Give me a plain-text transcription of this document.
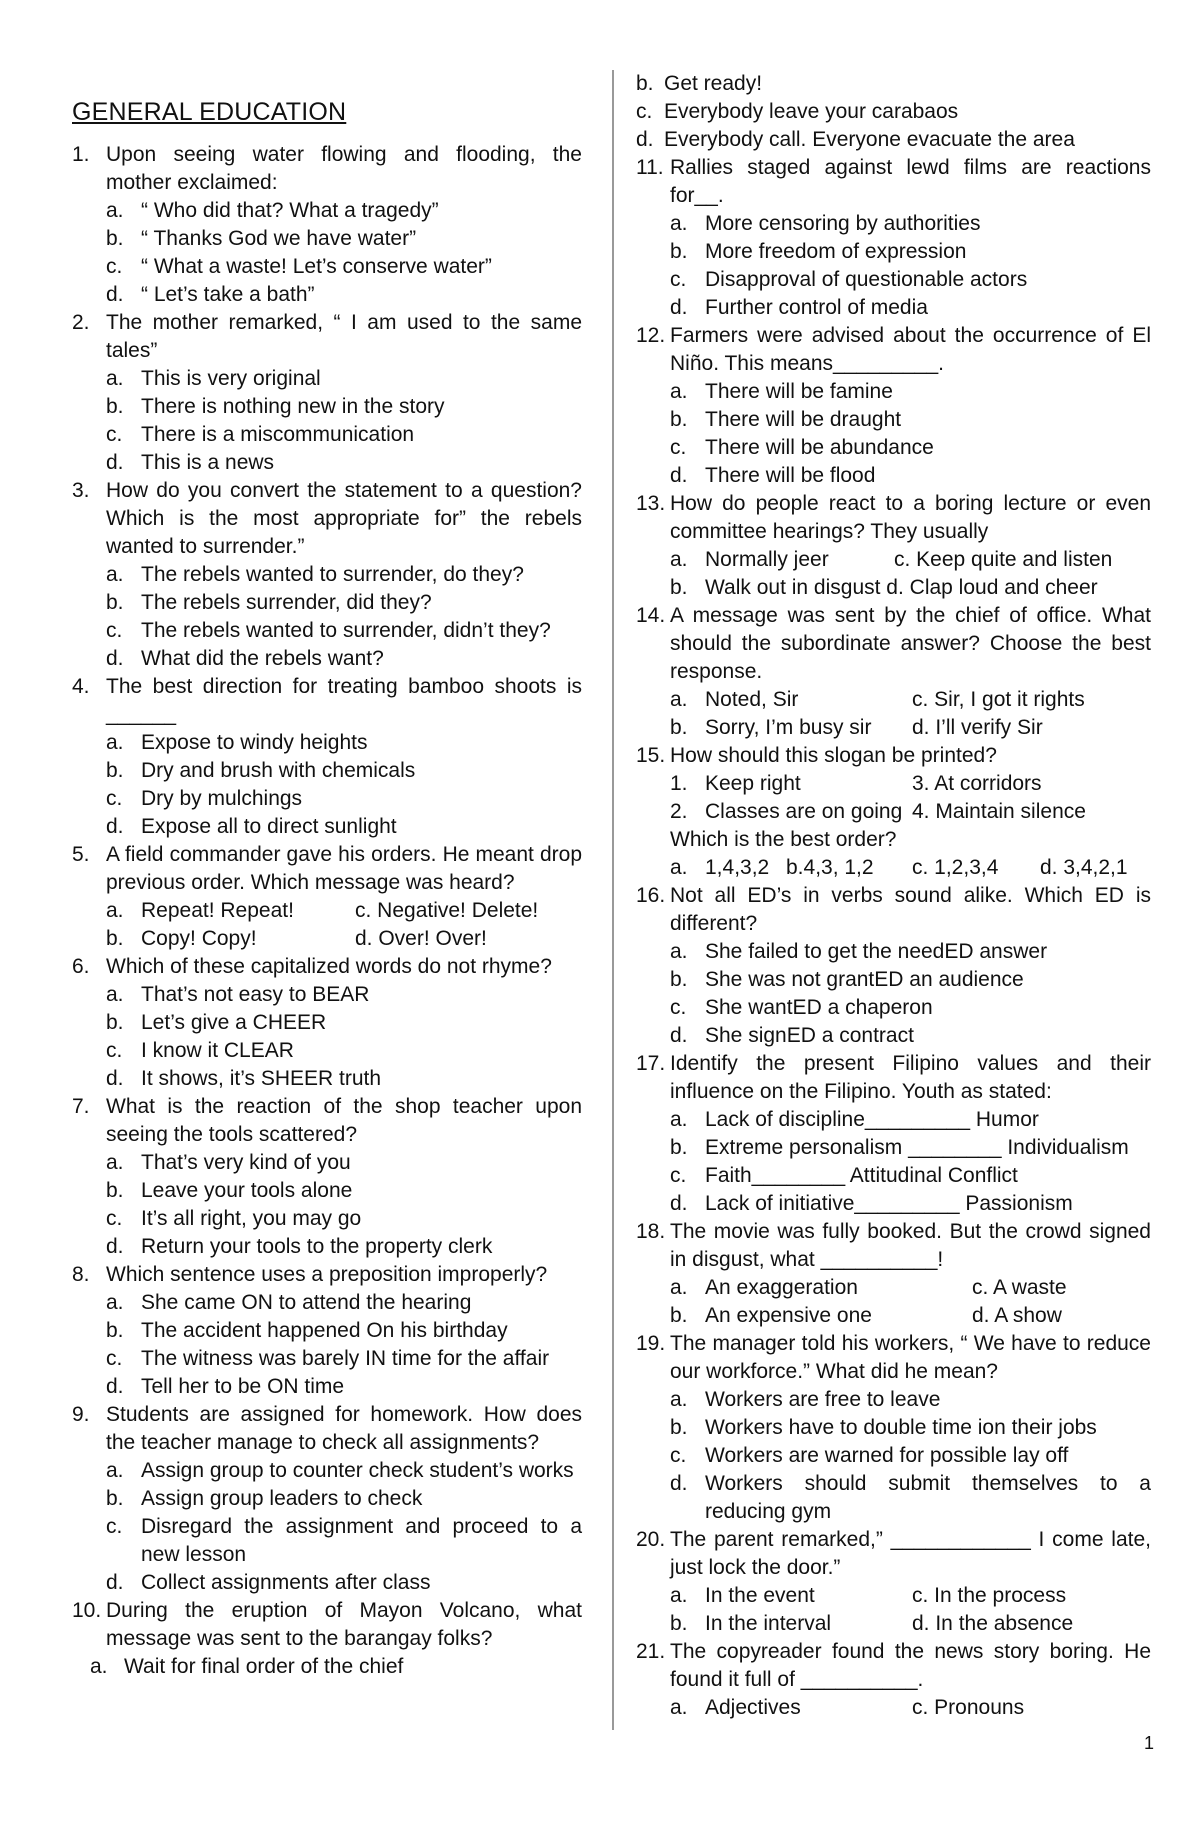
GENERAL EDUCATION
1. Upon seeing water flowing and flooding, the mother exclaimed:
a. “ Who did that? What a tragedy”
b. “ Thanks God we have water”
c. “ What a waste! Let’s conserve water”
d. “ Let’s take a bath”
2. The mother remarked, “ I am used to the same tales”
a. This is very original
b. There is nothing new in the story
c. There is a miscommunication
d. This is a news
3. How do you convert the statement to a question? Which is the most appropriate for” the rebels wanted to surrender.”
a. The rebels wanted to surrender, do they?
b. The rebels surrender, did they?
c. The rebels wanted to surrender, didn’t they?
d. What did the rebels want?
4. The best direction for treating bamboo shoots is ______
a. Expose to windy heights
b. Dry and brush with chemicals
c. Dry by mulchings
d. Expose all to direct sunlight
5. A field commander gave his orders. He meant drop previous order. Which message was heard?
a. Repeat! Repeat!	c. Negative! Delete!
b. Copy! Copy!	d. Over! Over!
6. Which of these capitalized words do not rhyme?
a. That’s not easy to BEAR
b. Let’s give a CHEER
c. I know it CLEAR
d. It shows, it’s SHEER truth
7. What is the reaction of the shop teacher upon seeing the tools scattered?
a. That’s very kind of you
b. Leave your tools alone
c. It’s all right, you may go
d. Return your tools to the property clerk
8. Which sentence uses a preposition improperly?
a. She came ON to attend the hearing
b. The accident happened On his birthday
c. The witness was barely IN time for the affair
d. Tell her to be ON time
9. Students are assigned for homework. How does the teacher manage to check all assignments?
a. Assign group to counter check student’s works
b. Assign group leaders to check
c. Disregard the assignment and proceed to a new lesson
d. Collect assignments after class
10. During the eruption of Mayon Volcano, what message was sent to the barangay folks?
a. Wait for final order of the chief
b. Get ready!
c. Everybody leave your carabaos
d. Everybody call. Everyone evacuate the area
11. Rallies staged against lewd films are reactions for__.
a. More censoring by authorities
b. More freedom of expression
c. Disapproval of questionable actors
d. Further control of media
12. Farmers were advised about the occurrence of El Niño. This means_________.
a. There will be famine
b. There will be draught
c. There will be abundance
d. There will be flood
13. How do people react to a boring lecture or even committee hearings? They usually
a. Normally jeer	c. Keep quite and listen
b. Walk out in disgust d. Clap loud and cheer
14. A message was sent by the chief of office. What should the subordinate answer? Choose the best response.
a. Noted, Sir	c. Sir, I got it rights
b. Sorry, I’m busy sir d. I’ll verify Sir
15. How should this slogan be printed?
1. Keep right	3. At corridors
2. Classes are on going 4. Maintain silence
Which is the best order?
a. 1,4,3,2 b.4,3, 1,2 c. 1,2,3,4 d. 3,4,2,1
16. Not all ED’s in verbs sound alike. Which ED is different?
a. She failed to get the needED answer
b. She was not grantED an audience
c. She wantED a chaperon
d. She signED a contract
17. Identify the present Filipino values and their influence on the Filipino. Youth as stated:
a. Lack of discipline_________ Humor
b. Extreme personalism ________ Individualism
c. Faith________ Attitudinal Conflict
d. Lack of initiative_________ Passionism
18. The movie was fully booked. But the crowd signed in disgust, what __________!
a. An exaggeration	c. A waste
b. An expensive one	d. A show
19. The manager told his workers, “ We have to reduce our workforce.” What did he mean?
a. Workers are free to leave
b. Workers have to double time ion their jobs
c. Workers are warned for possible lay off
d. Workers should submit themselves to a reducing gym
20. The parent remarked,” ____________ I come late, just lock the door.”
a. In the event	c. In the process
b. In the interval	d. In the absence
21. The copyreader found the news story boring. He found it full of __________.
a. Adjectives	c. Pronouns
1
